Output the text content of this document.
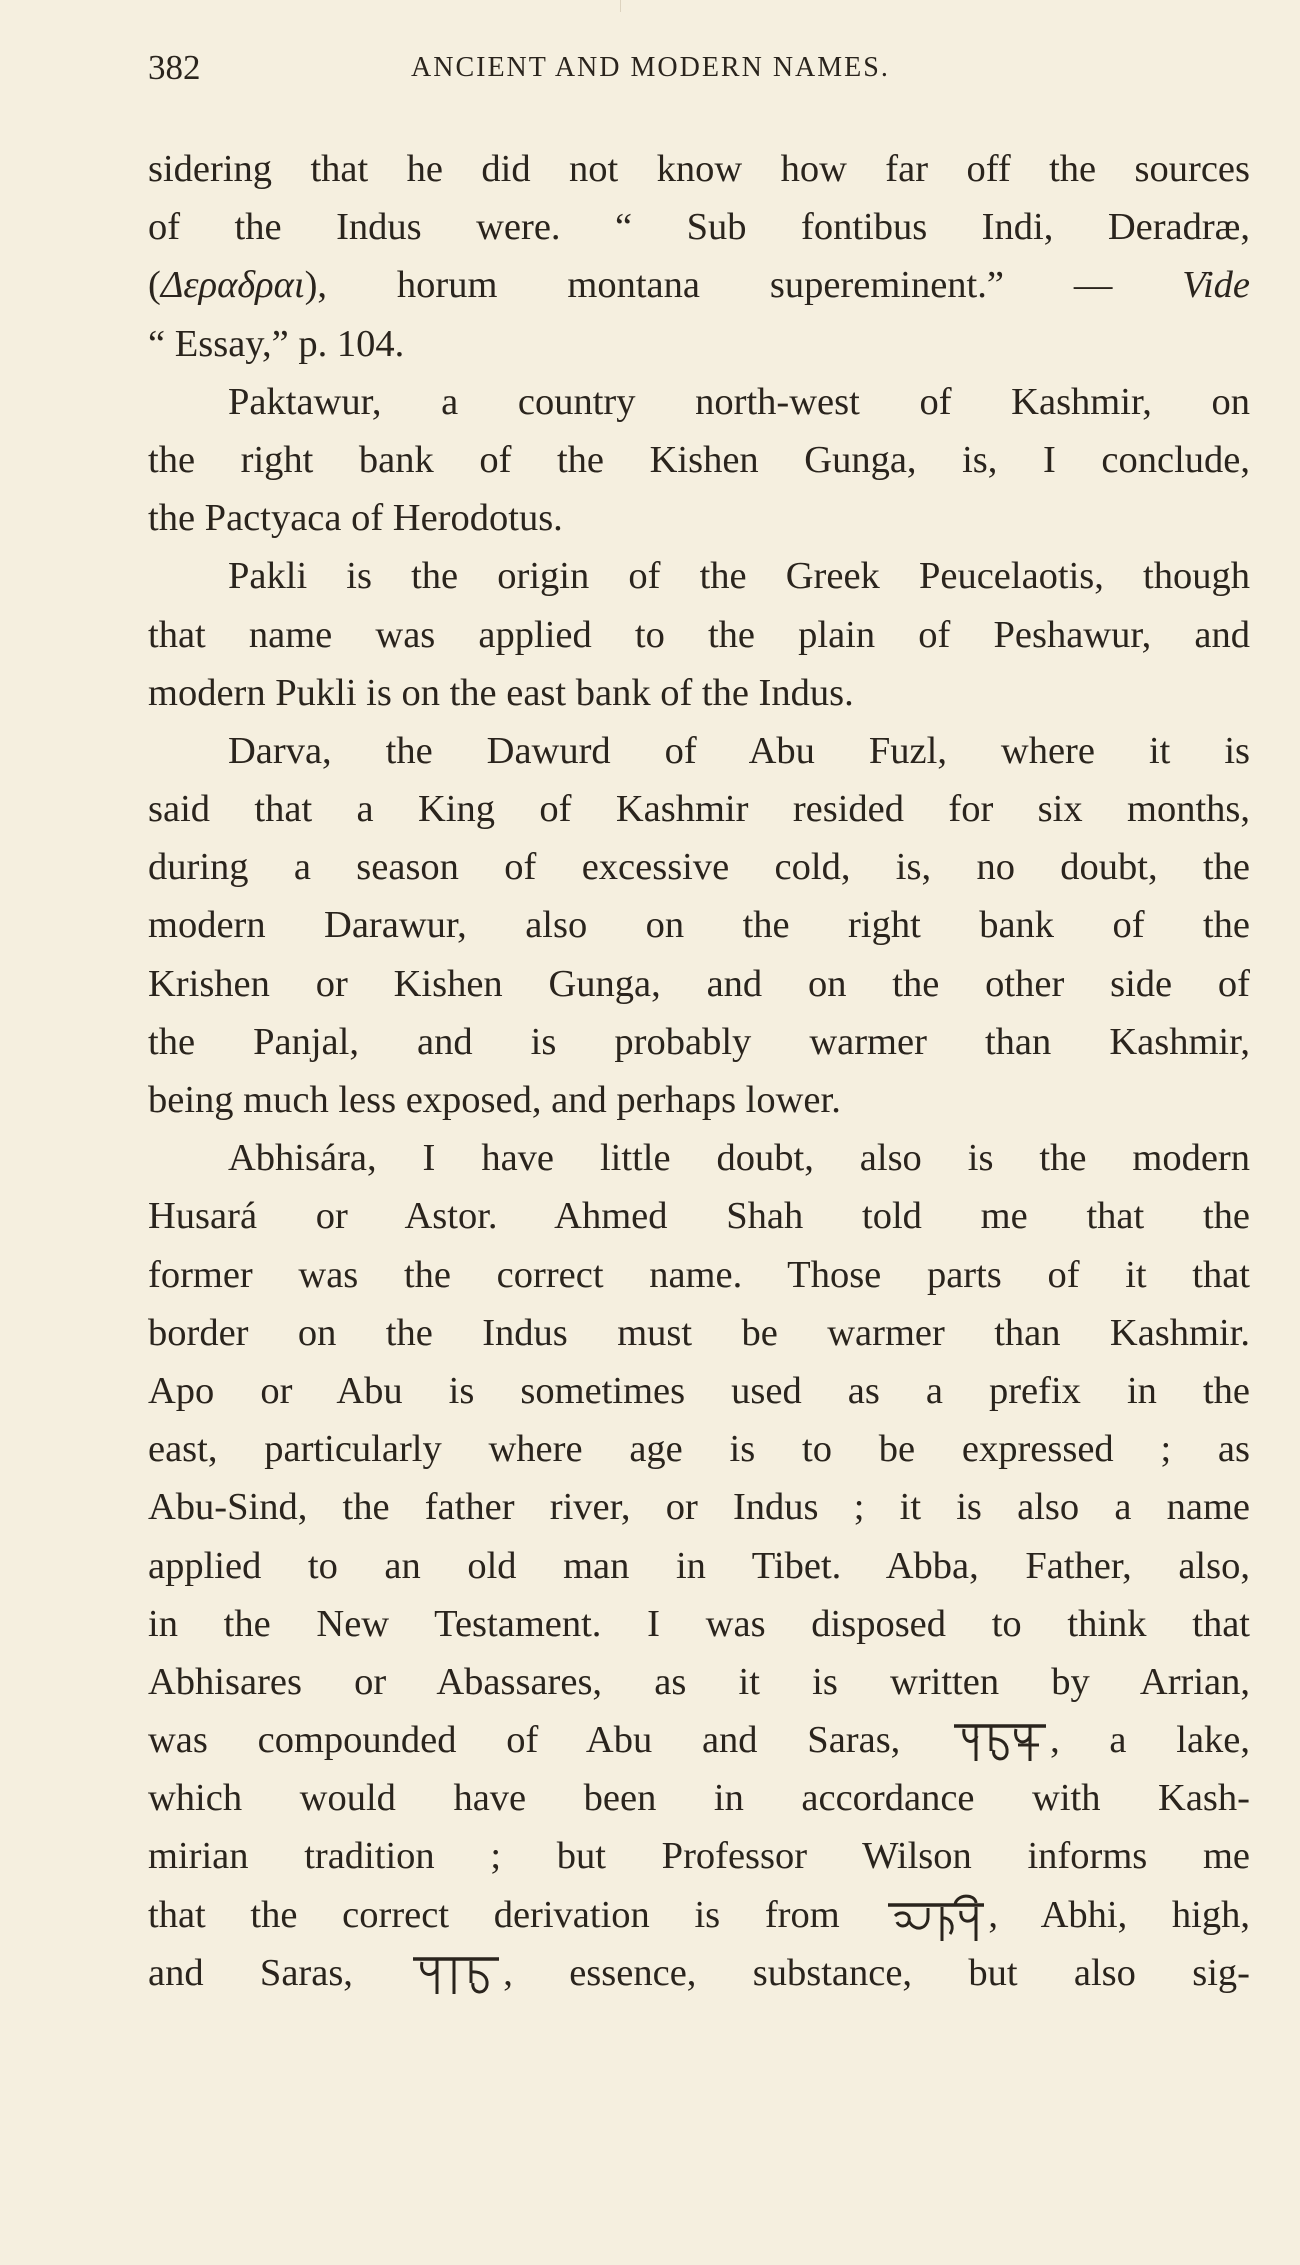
382	ANCIENT AND MODERN NAMES.
sidering that he did not know how far off the sources
of the Indus were. “ Sub fontibus Indi, Deradræ,
(Δεραδραι), horum montana supereminent.” — Vide
“ Essay,” p. 104.
Paktawur, a country north-west of Kashmir, on
the right bank of the Kishen Gunga, is, I conclude,
the Pactyaca of Herodotus.
Pakli is the origin of the Greek Peucelaotis, though
that name was applied to the plain of Peshawur, and
modern Pukli is on the east bank of the Indus.
Darva, the Dawurd of Abu Fuzl, where it is
said that a King of Kashmir resided for six months,
during a season of excessive cold, is, no doubt, the
modern Darawur, also on the right bank of the
Krishen or Kishen Gunga, and on the other side of
the Panjal, and is probably warmer than Kashmir,
being much less exposed, and perhaps lower.
Abhisára, I have little doubt, also is the modern
Husará or Astor. Ahmed Shah told me that the
former was the correct name. Those parts of it that
border on the Indus must be warmer than Kashmir.
Apo or Abu is sometimes used as a prefix in the
east, particularly where age is to be expressed ; as
Abu-Sind, the father river, or Indus ; it is also a name
applied to an old man in Tibet. Abba, Father, also,
in the New Testament. I was disposed to think that
Abhisares or Abassares, as it is written by Arrian,
was compounded of Abu and Saras,	, a lake,
which would have been in accordance with Kash-
mirian tradition ; but Professor Wilson informs me
that the correct derivation is from	, Abhi, high,
and Saras,	, essence, substance, but also sig-
